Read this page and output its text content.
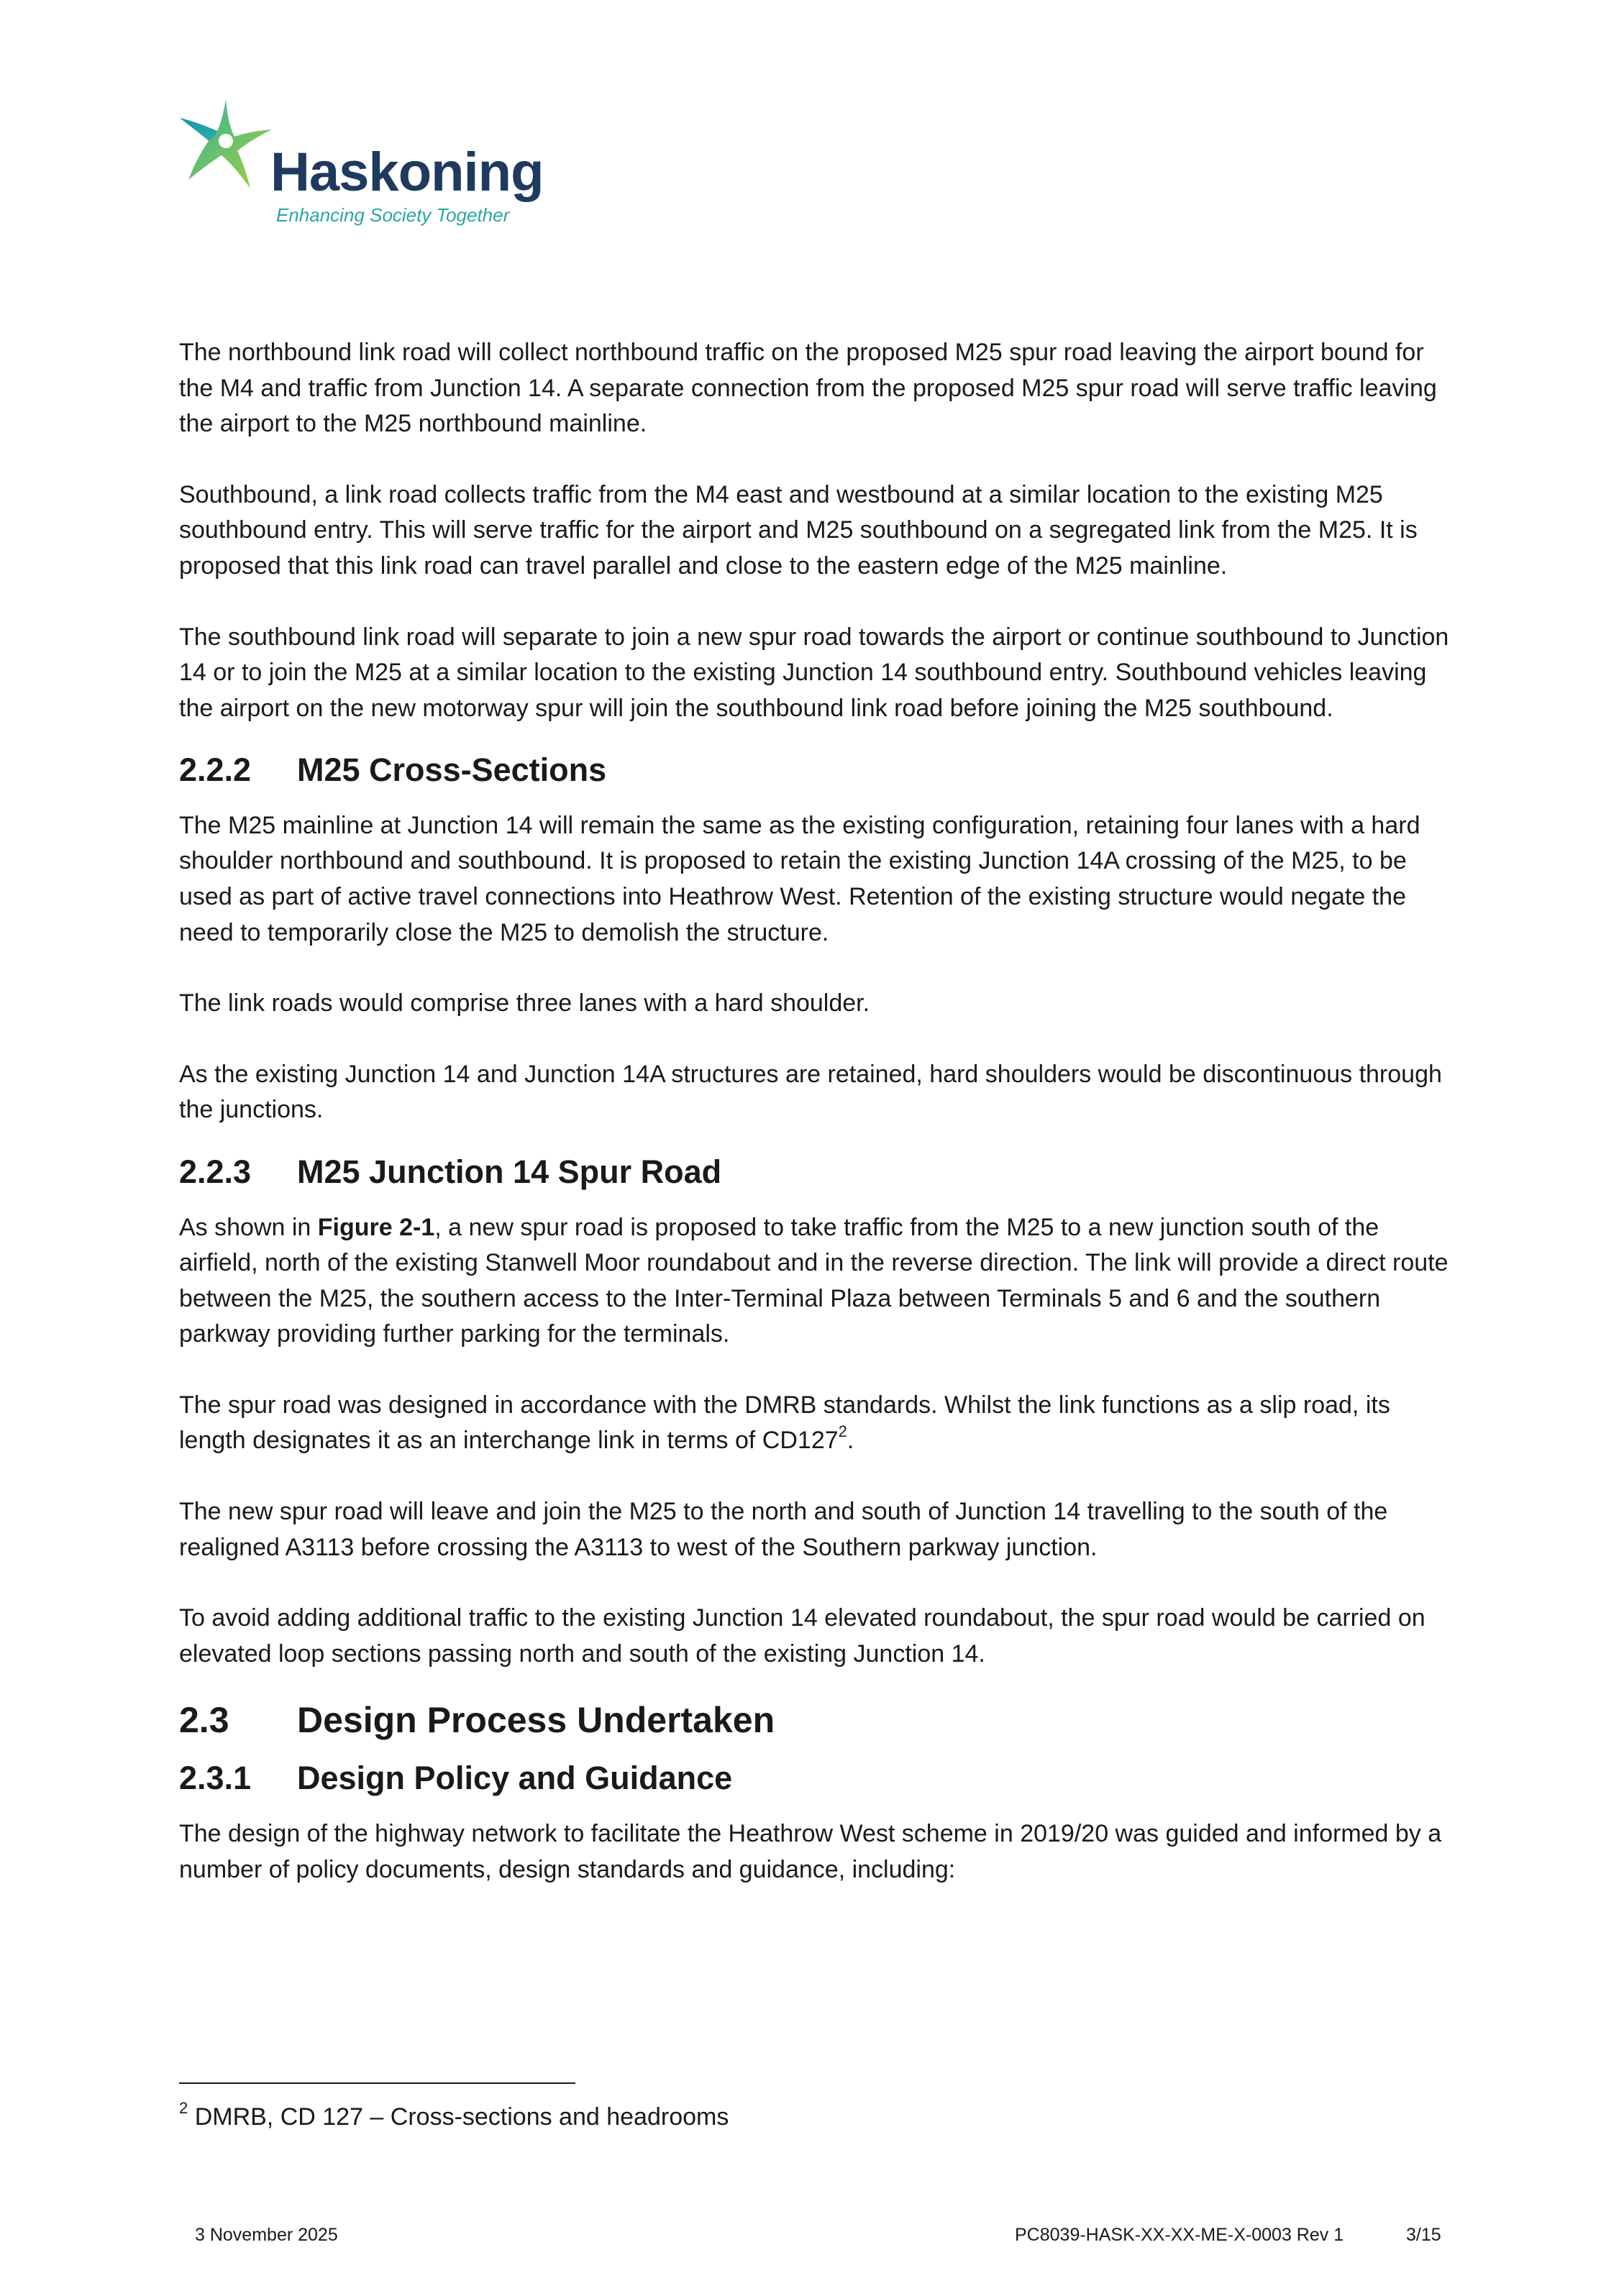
Haskoning
Enhancing Society Together

The northbound link road will collect northbound traffic on the proposed M25 spur road leaving the airport bound for the M4 and traffic from Junction 14. A separate connection from the proposed M25 spur road will serve traffic leaving the airport to the M25 northbound mainline.

Southbound, a link road collects traffic from the M4 east and westbound at a similar location to the existing M25 southbound entry. This will serve traffic for the airport and M25 southbound on a segregated link from the M25. It is proposed that this link road can travel parallel and close to the eastern edge of the M25 mainline.

The southbound link road will separate to join a new spur road towards the airport or continue southbound to Junction 14 or to join the M25 at a similar location to the existing Junction 14 southbound entry. Southbound vehicles leaving the airport on the new motorway spur will join the southbound link road before joining the M25 southbound.

2.2.2	M25 Cross-Sections

The M25 mainline at Junction 14 will remain the same as the existing configuration, retaining four lanes with a hard shoulder northbound and southbound. It is proposed to retain the existing Junction 14A crossing of the M25, to be used as part of active travel connections into Heathrow West. Retention of the existing structure would negate the need to temporarily close the M25 to demolish the structure.

The link roads would comprise three lanes with a hard shoulder.

As the existing Junction 14 and Junction 14A structures are retained, hard shoulders would be discontinuous through the junctions.

2.2.3	M25 Junction 14 Spur Road

As shown in Figure 2-1, a new spur road is proposed to take traffic from the M25 to a new junction south of the airfield, north of the existing Stanwell Moor roundabout and in the reverse direction. The link will provide a direct route between the M25, the southern access to the Inter-Terminal Plaza between Terminals 5 and 6 and the southern parkway providing further parking for the terminals.

The spur road was designed in accordance with the DMRB standards. Whilst the link functions as a slip road, its length designates it as an interchange link in terms of $CD127^2$.

The new spur road will leave and join the M25 to the north and south of Junction 14 travelling to the south of the realigned A3113 before crossing the A3113 to west of the Southern parkway junction.

To avoid adding additional traffic to the existing Junction 14 elevated roundabout, the spur road would be carried on elevated loop sections passing north and south of the existing Junction 14.

2.3	Design Process Undertaken
2.3.1	Design Policy and Guidance

The design of the highway network to facilitate the Heathrow West scheme in 2019/20 was guided and informed by a number of policy documents, design standards and guidance, including:

$^2$ DMRB, CD 127 – Cross-sections and headrooms
3 November 2025	PC8039-HASK-XX-XX-ME-X-0003 Rev 1	3/15
